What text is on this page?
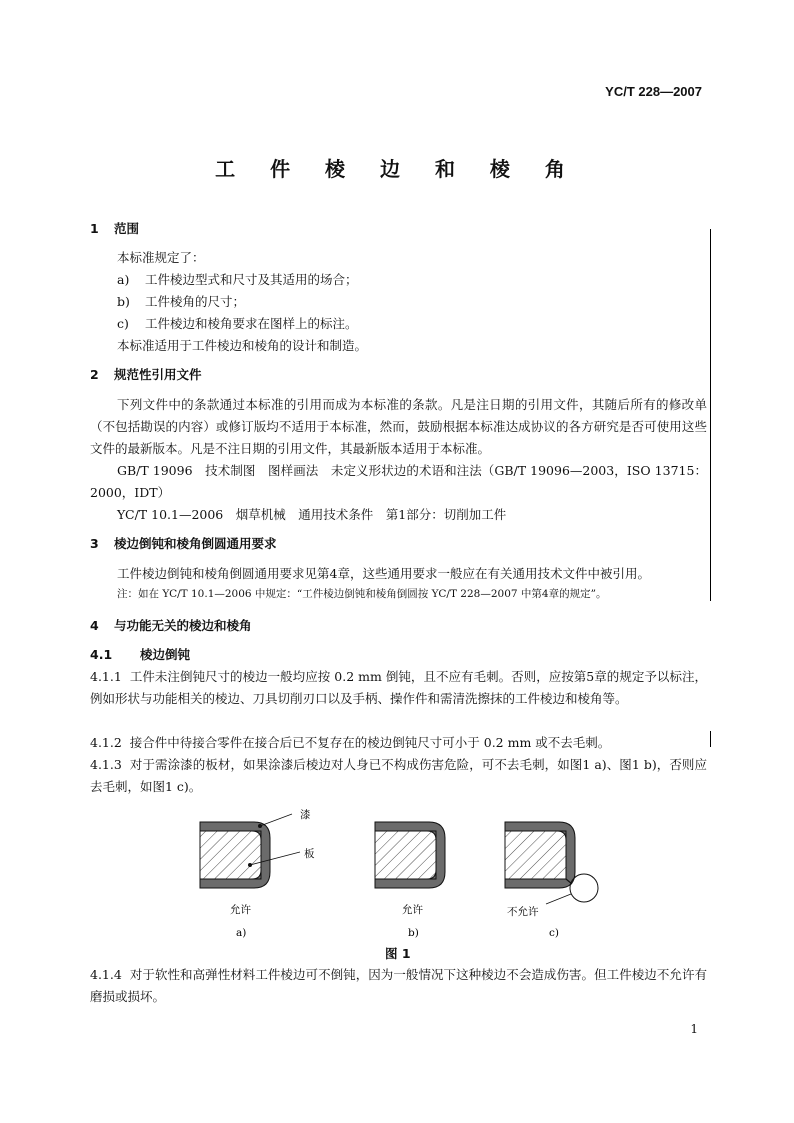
YC/T 228—2007

工 件 棱 边 和 棱 角

1 范围

本标准规定了：

a) 工件棱边型式和尺寸及其适用的场合；

b) 工件棱角的尺寸；

c) 工件棱边和棱角要求在图样上的标注。

本标准适用于工件棱边和棱角的设计和制造。

2 规范性引用文件

下列文件中的条款通过本标准的引用而成为本标准的条款。凡是注日期的引用文件，其随后所有的修改单（不包括勘误的内容）或修订版均不适用于本标准，然而，鼓励根据本标准达成协议的各方研究是否可使用这些文件的最新版本。凡是不注日期的引用文件，其最新版本适用于本标准。

GB/T 19096　技术制图　图样画法　未定义形状边的术语和注法（GB/T 19096—2003，ISO 13715：2000，IDT）

YC/T 10.1—2006　烟草机械　通用技术条件　第1部分：切削加工件

3 棱边倒钝和棱角倒圆通用要求

工件棱边倒钝和棱角倒圆通用要求见第4章，这些通用要求一般应在有关通用技术文件中被引用。

注：如在 YC/T 10.1—2006 中规定：“工件棱边倒钝和棱角倒圆按 YC/T 228—2007 中第4章的规定”。

4 与功能无关的棱边和棱角

4.1 棱边倒钝

4.1.1 工件未注倒钝尺寸的棱边一般均应按 0.2 mm 倒钝，且不应有毛刺。否则，应按第5章的规定予以标注，例如形状与功能相关的棱边、刀具切削刃口以及手柄、操作件和需清洗擦抹的工件棱边和棱角等。

4.1.2 接合件中待接合零件在接合后已不复存在的棱边倒钝尺寸可小于 0.2 mm 或不去毛刺。

4.1.3 对于需涂漆的板材，如果涂漆后棱边对人身已不构成伤害危险，可不去毛刺，如图1 a)、图1 b)，否则应去毛刺，如图1 c)。

漆
板
允许
a)
允许
b)
不允许
c)

图 1

4.1.4 对于软性和高弹性材料工件棱边可不倒钝，因为一般情况下这种棱边不会造成伤害。但工件棱边不允许有磨损或损坏。

1
